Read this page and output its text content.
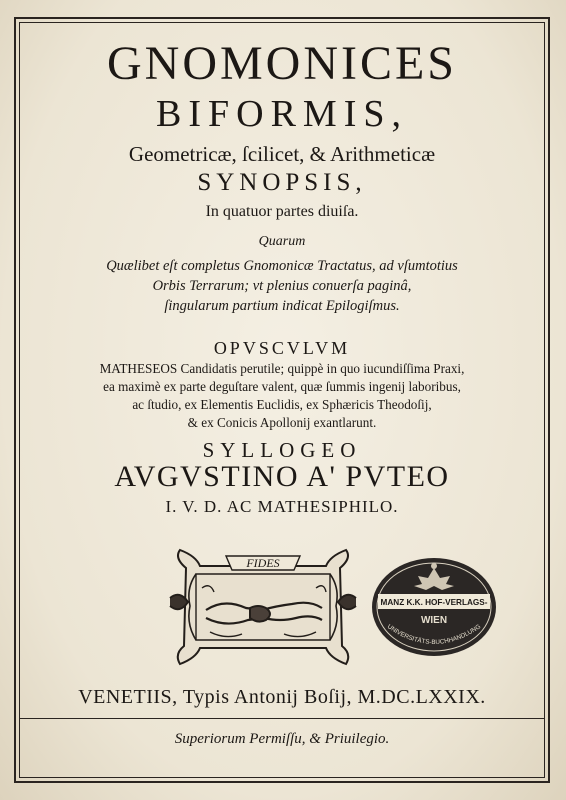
GNOMONICES
BIFORMIS,
Geometricæ, ſcilicet, & Arithmeticæ
SYNOPSIS,
In quatuor partes diuiſa.
Quarum
Quælibet eſt completus Gnomonicæ Tractatus, ad vſumtotius
Orbis Terrarum; vt plenius conuerſa paginâ,
ſingularum partium indicat Epilogiſmus.
OPVSCVLVM
MATHESEOS Candidatis perutile; quippè in quo iucundiſſima Praxi,
ea maximè ex parte deguſtare valent, quæ ſummis ingenij laboribus,
ac ſtudio, ex Elementis Euclidis, ex Sphæricis Theodoſij,
& ex Conicis Apollonij exantlarunt.
SYLLOGEO
AVGVSTINO A' PVTEO
I. V. D. AC MATHESIPHILO.
FIDES
MANZ K.K. HOF-VERLAGS-
WIEN
UNIVERSITÄTS-BUCHHANDLUNG
VENETIIS, Typis Antonij Boſij, M.DC.LXXIX.
Superiorum Permiſſu, & Priuilegio.
